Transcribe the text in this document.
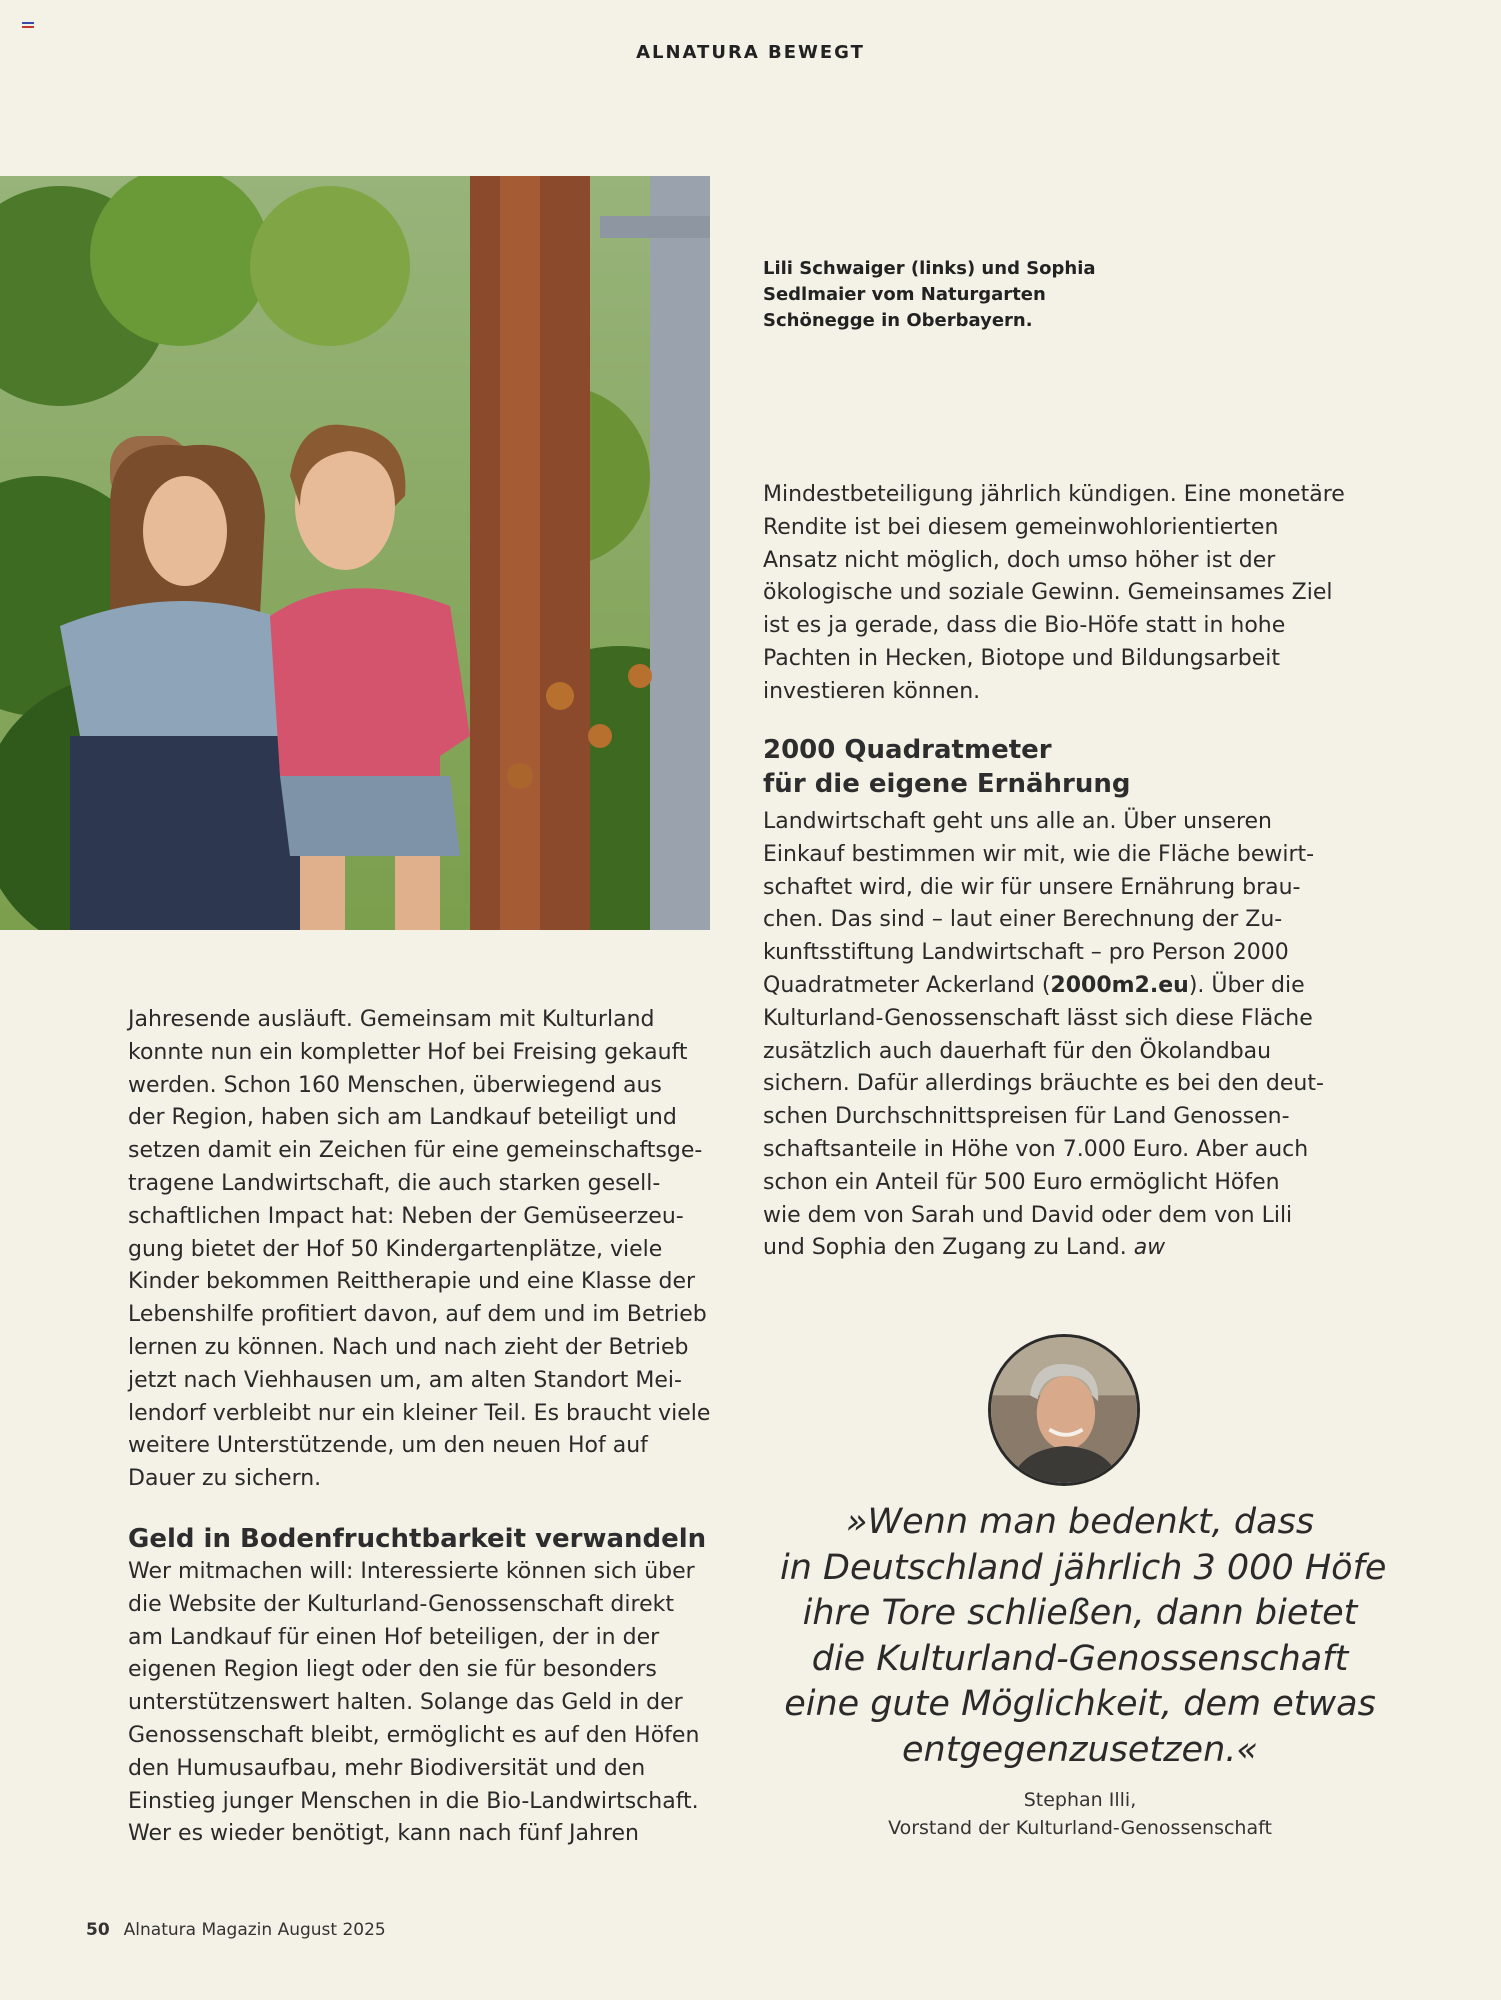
ALNATURA BEWEGT
Lili Schwaiger (links) und Sophia
Sedlmaier vom Naturgarten
Schönegge in Oberbayern.
Jahresende ausläuft. Gemeinsam mit Kulturland
konnte nun ein kompletter Hof bei Freising gekauft
werden. Schon 160 Menschen, überwiegend aus
der Region, haben sich am Landkauf beteiligt und
setzen damit ein Zeichen für eine gemeinschaftsge-
tragene Landwirtschaft, die auch starken gesell-
schaftlichen Impact hat: Neben der Gemüseerzeu-
gung bietet der Hof 50 Kindergartenplätze, viele
Kinder bekommen Reittherapie und eine Klasse der
Lebenshilfe profitiert davon, auf dem und im Betrieb
lernen zu können. Nach und nach zieht der Betrieb
jetzt nach Viehhausen um, am alten Standort Mei-
lendorf verbleibt nur ein kleiner Teil. Es braucht viele
weitere Unterstützende, um den neuen Hof auf
Dauer zu sichern.
Geld in Bodenfruchtbarkeit verwandeln
Wer mitmachen will: Interessierte können sich über
die Website der Kulturland-Genossenschaft direkt
am Landkauf für einen Hof beteiligen, der in der
eigenen Region liegt oder den sie für besonders
unterstützenswert halten. Solange das Geld in der
Genossenschaft bleibt, ermöglicht es auf den Höfen
den Humusaufbau, mehr Biodiversität und den
Einstieg junger Menschen in die Bio-Landwirtschaft.
Wer es wieder benötigt, kann nach fünf Jahren
Mindestbeteiligung jährlich kündigen. Eine monetäre
Rendite ist bei diesem gemeinwohlorientierten
Ansatz nicht möglich, doch umso höher ist der
ökologische und soziale Gewinn. Gemeinsames Ziel
ist es ja gerade, dass die Bio-Höfe statt in hohe
Pachten in Hecken, Biotope und Bildungsarbeit
investieren können.
2000 Quadratmeter
für die eigene Ernährung
Landwirtschaft geht uns alle an. Über unseren
Einkauf bestimmen wir mit, wie die Fläche bewirt-
schaftet wird, die wir für unsere Ernährung brau-
chen. Das sind – laut einer Berechnung der Zu-
kunftsstiftung Landwirtschaft – pro Person 2000
Quadratmeter Ackerland (2000m2.eu). Über die
Kulturland-Genossenschaft lässt sich diese Fläche
zusätzlich auch dauerhaft für den Ökolandbau
sichern. Dafür allerdings bräuchte es bei den deut-
schen Durchschnittspreisen für Land Genossen-
schaftsanteile in Höhe von 7.000 Euro. Aber auch
schon ein Anteil für 500 Euro ermöglicht Höfen
wie dem von Sarah und David oder dem von Lili
und Sophia den Zugang zu Land. aw
»Wenn man bedenkt, dass
in Deutschland jährlich 3 000 Höfe
ihre Tore schließen, dann bietet
die Kulturland-Genossenschaft
eine gute Möglichkeit, dem etwas
entgegenzusetzen.«
Stephan Illi,
Vorstand der Kulturland-Genossenschaft
50 Alnatura Magazin August 2025
